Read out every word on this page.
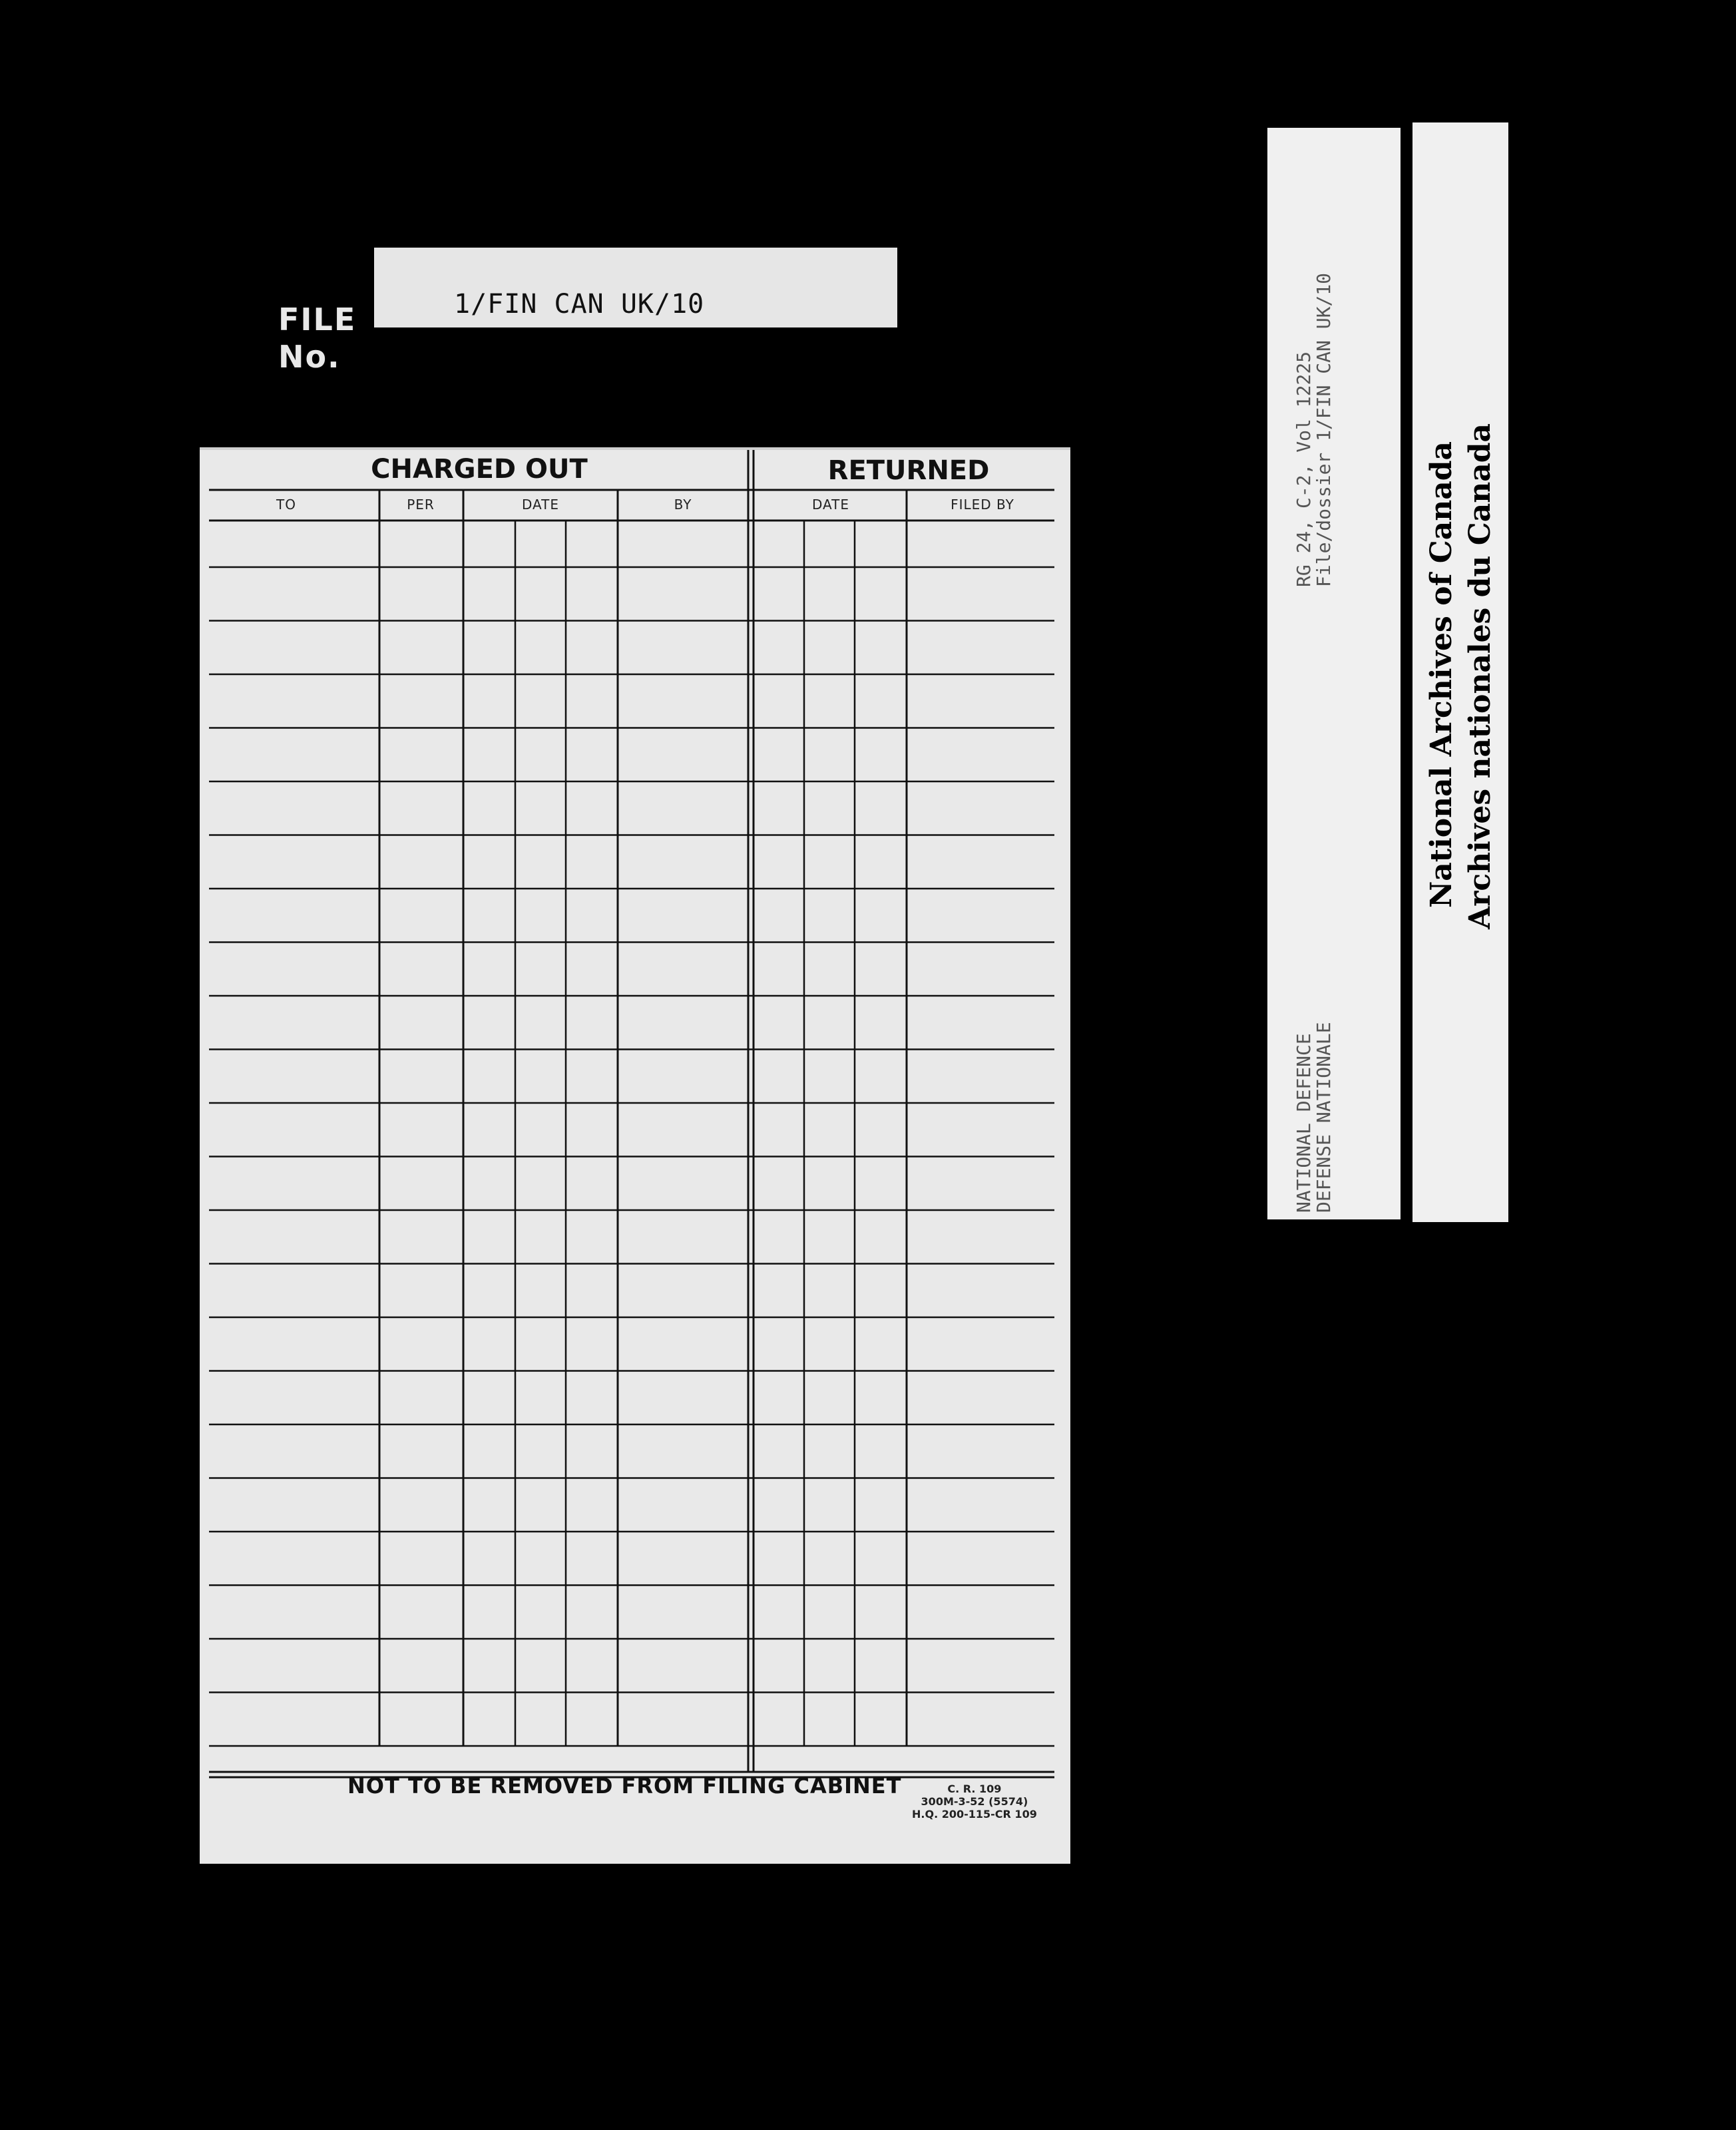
FILE
No.
1/FIN CAN UK/10
CHARGED OUT	RETURNED
TO	PER	DATE	BY	DATE	FILED BY
NOT TO BE REMOVED FROM FILING CABINET	C. R. 109
300M-3-52 (5574)
H.Q. 200-115-CR 109
RG 24, C-2, Vol 12225
File/dossier 1/FIN CAN UK/10
NATIONAL DEFENCE
DEFENSE NATIONALE
National Archives of Canada Archives nationales du Canada
